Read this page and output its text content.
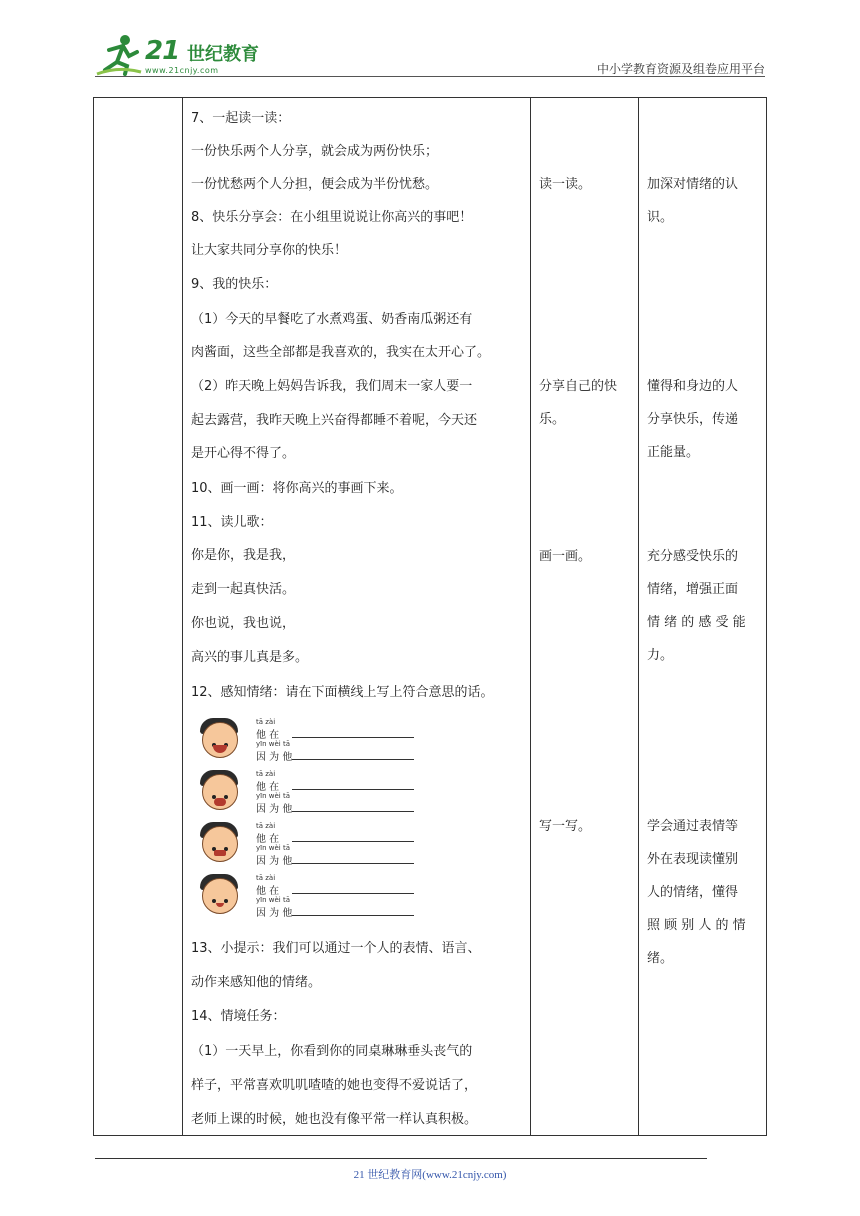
21 世纪教育
www.21cnjy.com	中小学教育资源及组卷应用平台
7、一起读一读：
一份快乐两个人分享，就会成为两份快乐；
一份忧愁两个人分担，便会成为半份忧愁。
8、快乐分享会：在小组里说说让你高兴的事吧！
让大家共同分享你的快乐！
9、我的快乐：
（1）今天的早餐吃了水煮鸡蛋、奶香南瓜粥还有
肉酱面，这些全部都是我喜欢的，我实在太开心了。
（2）昨天晚上妈妈告诉我，我们周末一家人要一
起去露营，我昨天晚上兴奋得都睡不着呢，今天还
是开心得不得了。
10、画一画：将你高兴的事画下来。
11、读儿歌：
你是你，我是我，
走到一起真快活。
你也说，我也说，
高兴的事儿真是多。
12、感知情绪：请在下面横线上写上符合意思的话。
13、小提示：我们可以通过一个人的表情、语言、
动作来感知他的情绪。
14、情境任务：
（1）一天早上，你看到你的同桌琳琳垂头丧气的
样子，平常喜欢叽叽喳喳的她也变得不爱说话了，
老师上课的时候，她也没有像平常一样认真积极。
tā zài
他 在
yīn wèi tā
因 为 他
tā zài
他 在
yīn wèi tā
因 为 他
tā zài
他 在
yīn wèi tā
因 为 他
tā zài
他 在
yīn wèi tā
因 为 他
读一读。
分享自己的快
乐。
画一画。
写一写。
加深对情绪的认
识。
懂得和身边的人
分享快乐，传递
正能量。
充分感受快乐的
情绪，增强正面
情 绪 的 感 受 能
力。
学会通过表情等
外在表现读懂别
人的情绪，懂得
照 顾 别 人 的 情
绪。
21 世纪教育网(www.21cnjy.com)
